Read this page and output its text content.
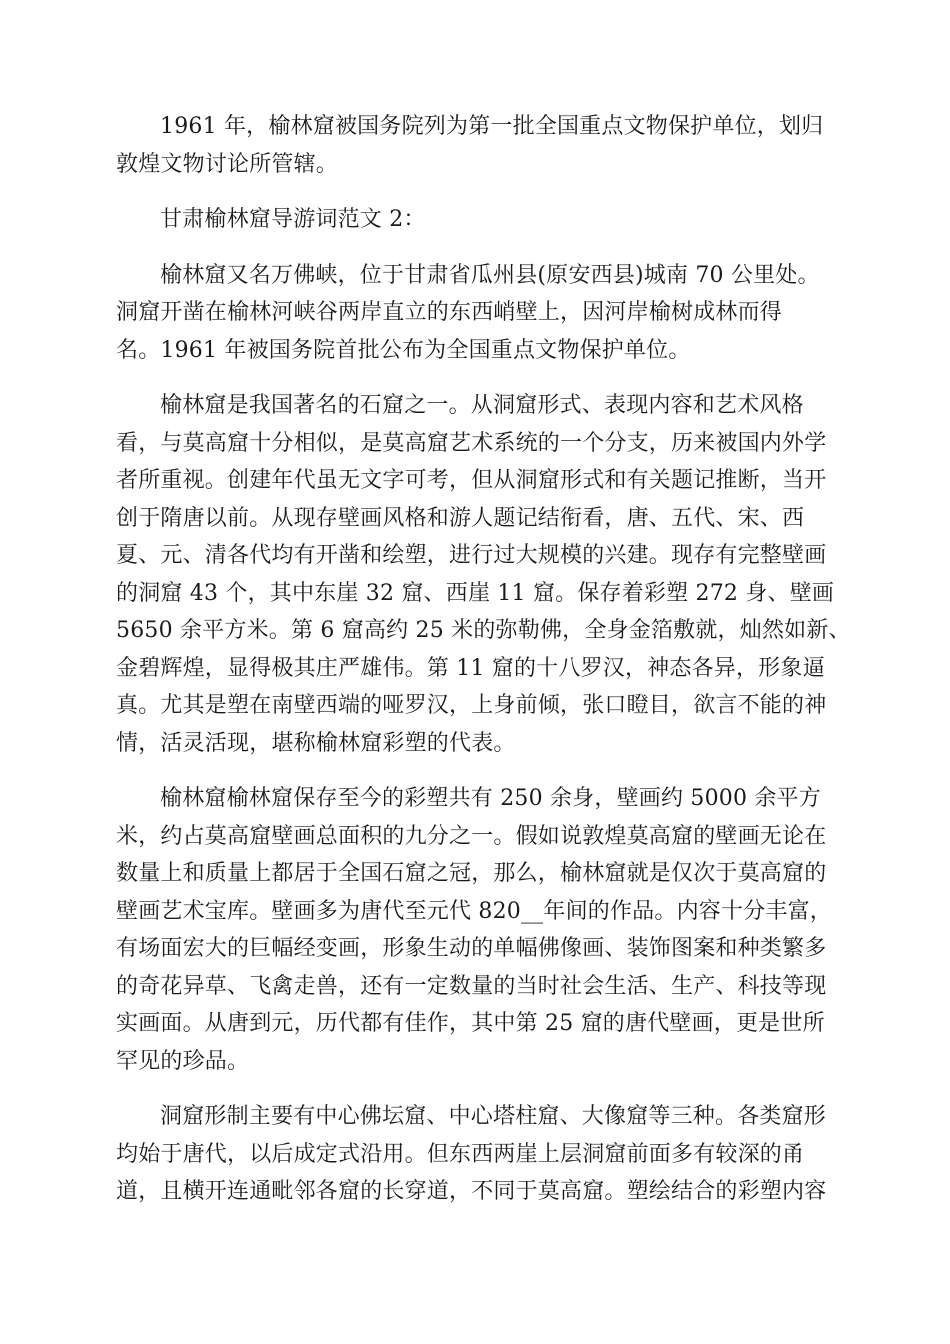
1961 年，榆林窟被国务院列为第一批全国重点文物保护单位，划归
敦煌文物讨论所管辖。

甘肃榆林窟导游词范文 2：

榆林窟又名万佛峡，位于甘肃省瓜州县(原安西县)城南 70 公里处。
洞窟开凿在榆林河峡谷两岸直立的东西峭壁上，因河岸榆树成林而得
名。1961 年被国务院首批公布为全国重点文物保护单位。

榆林窟是我国著名的石窟之一。从洞窟形式、表现内容和艺术风格
看，与莫高窟十分相似，是莫高窟艺术系统的一个分支，历来被国内外学
者所重视。创建年代虽无文字可考，但从洞窟形式和有关题记推断，当开
创于隋唐以前。从现存壁画风格和游人题记结衔看，唐、五代、宋、西
夏、元、清各代均有开凿和绘塑，进行过大规模的兴建。现存有完整壁画
的洞窟 43 个，其中东崖 32 窟、西崖 11 窟。保存着彩塑 272 身、壁画
5650 余平方米。第 6 窟高约 25 米的弥勒佛，全身金箔敷就，灿然如新、
金碧辉煌，显得极其庄严雄伟。第 11 窟的十八罗汉，神态各异，形象逼
真。尤其是塑在南壁西端的哑罗汉，上身前倾，张口瞪目，欲言不能的神
情，活灵活现，堪称榆林窟彩塑的代表。

榆林窟榆林窟保存至今的彩塑共有 250 余身，壁画约 5000 余平方
米，约占莫高窟壁画总面积的九分之一。假如说敦煌莫高窟的壁画无论在
数量上和质量上都居于全国石窟之冠，那么，榆林窟就是仅次于莫高窟的
壁画艺术宝库。壁画多为唐代至元代 820__年间的作品。内容十分丰富，
有场面宏大的巨幅经变画，形象生动的单幅佛像画、装饰图案和种类繁多
的奇花异草、飞禽走兽，还有一定数量的当时社会生活、生产、科技等现
实画面。从唐到元，历代都有佳作，其中第 25 窟的唐代壁画，更是世所
罕见的珍品。

洞窟形制主要有中心佛坛窟、中心塔柱窟、大像窟等三种。各类窟形
均始于唐代，以后成定式沿用。但东西两崖上层洞窟前面多有较深的甬
道，且横开连通毗邻各窟的长穿道，不同于莫高窟。塑绘结合的彩塑内容
